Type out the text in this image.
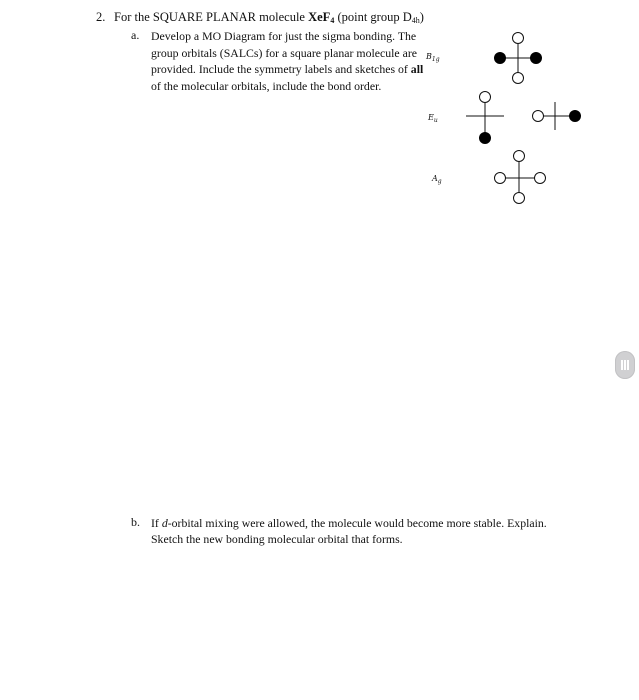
2. For the SQUARE PLANAR molecule XeF$_4$ (point group $D_{4h}$)
a. Develop a MO Diagram for just the sigma bonding. The
group orbitals (SALCs) for a square planar molecule are
provided. Include the symmetry labels and sketches of all
of the molecular orbitals, include the bond order.
$B_{1g}$
$E_u$
$A_g$
b. If d-orbital mixing were allowed, the molecule would become more stable. Explain.
Sketch the new bonding molecular orbital that forms.
